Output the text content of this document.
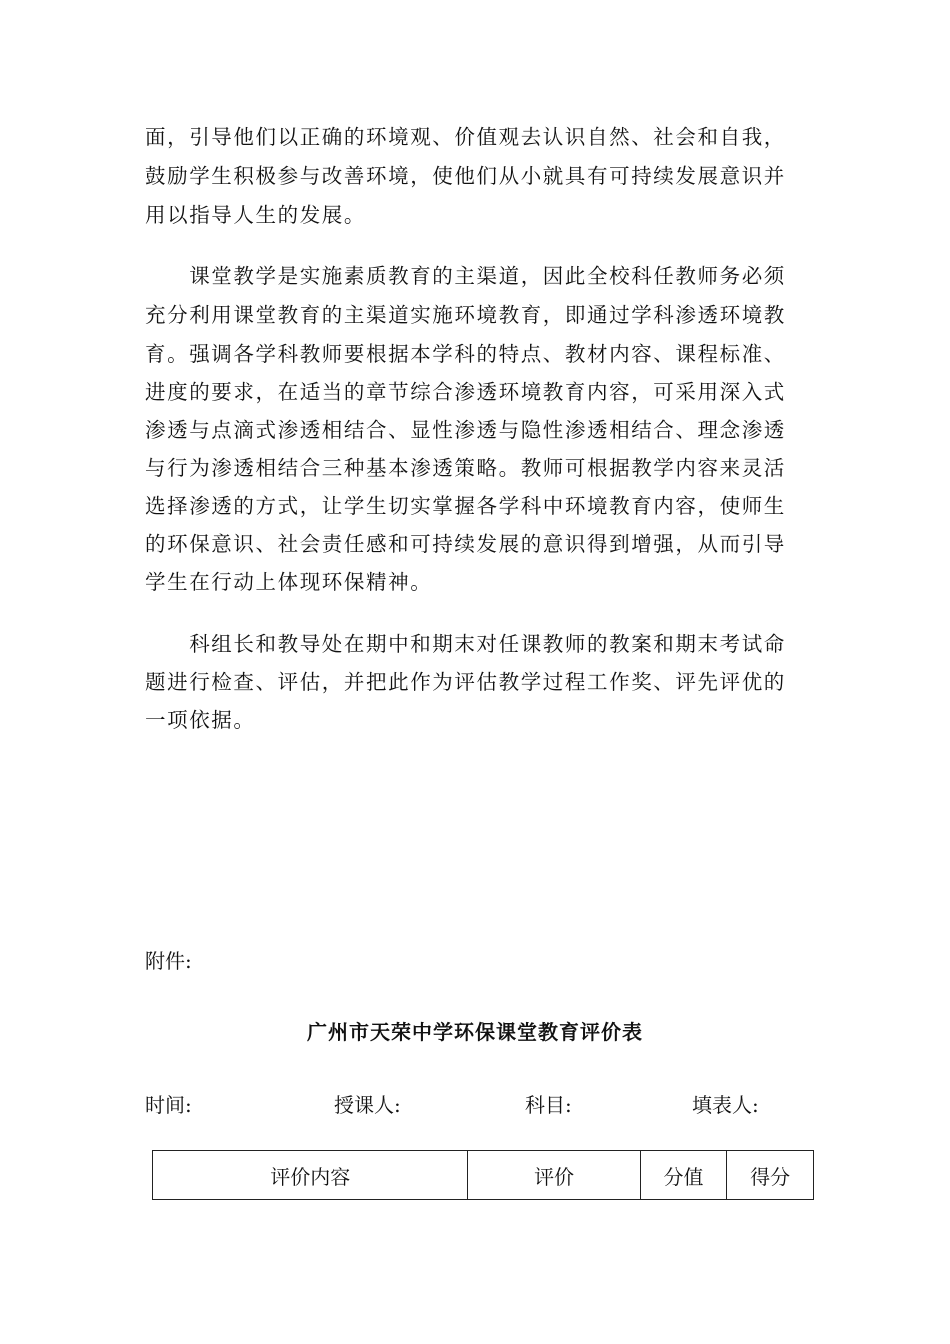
面，引导他们以正确的环境观、价值观去认识自然、社会和自我，
鼓励学生积极参与改善环境，使他们从小就具有可持续发展意识并
用以指导人生的发展。
　　课堂教学是实施素质教育的主渠道，因此全校科任教师务必须
充分利用课堂教育的主渠道实施环境教育，即通过学科渗透环境教
育。强调各学科教师要根据本学科的特点、教材内容、课程标准、
进度的要求，在适当的章节综合渗透环境教育内容，可采用深入式
渗透与点滴式渗透相结合、显性渗透与隐性渗透相结合、理念渗透
与行为渗透相结合三种基本渗透策略。教师可根据教学内容来灵活
选择渗透的方式，让学生切实掌握各学科中环境教育内容，使师生
的环保意识、社会责任感和可持续发展的意识得到增强，从而引导
学生在行动上体现环保精神。
　　科组长和教导处在期中和期末对任课教师的教案和期末考试命
题进行检查、评估，并把此作为评估教学过程工作奖、评先评优的
一项依据。
附件:
广州市天荣中学环保课堂教育评价表
时间:	授课人:	科目:	填表人:
评价内容	评价	分值	得分
